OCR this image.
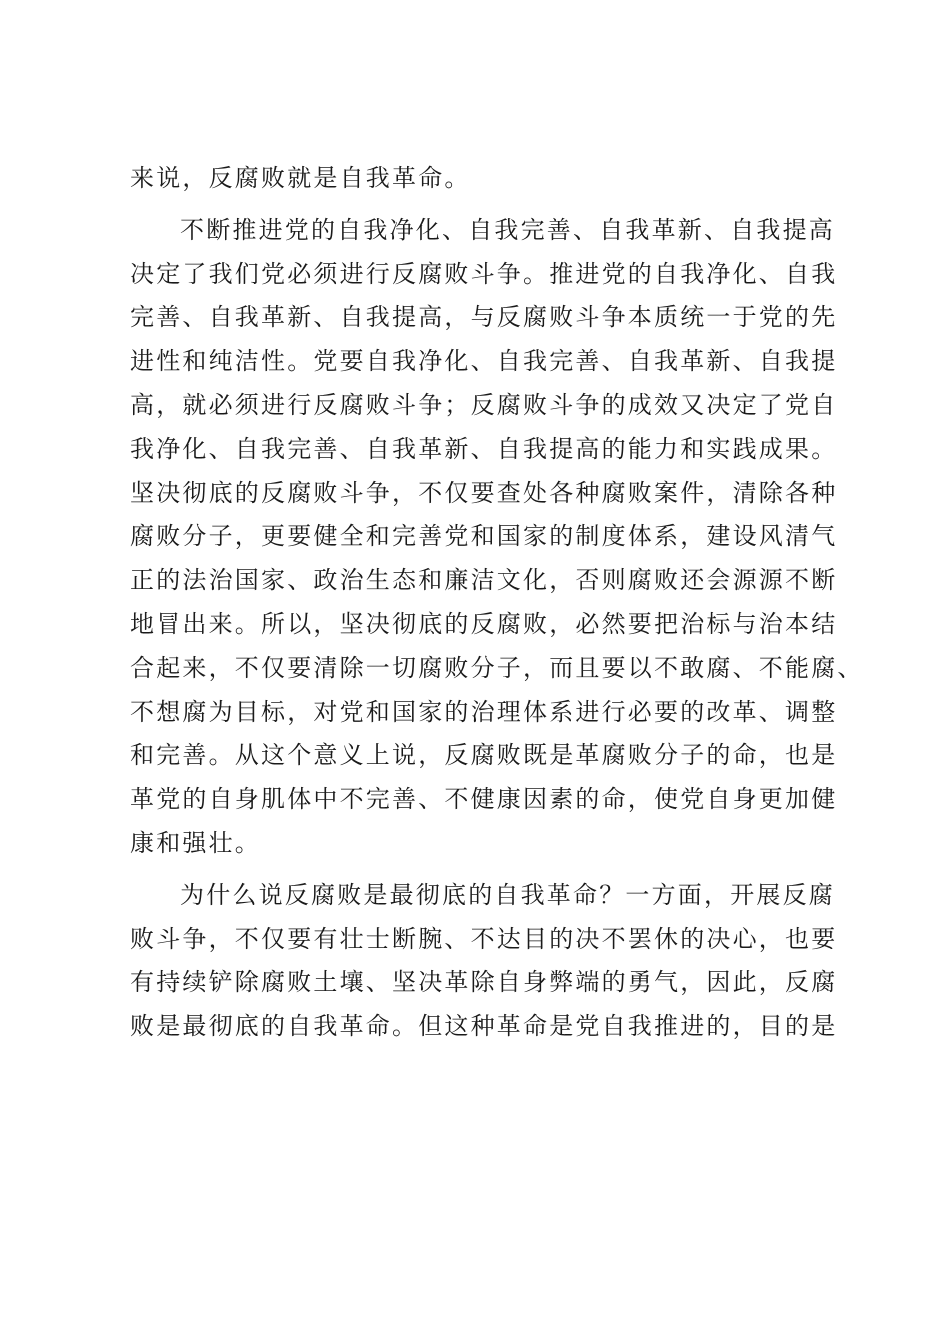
来说，反腐败就是自我革命。
不断推进党的自我净化、自我完善、自我革新、自我提高
决定了我们党必须进行反腐败斗争。推进党的自我净化、自我
完善、自我革新、自我提高，与反腐败斗争本质统一于党的先
进性和纯洁性。党要自我净化、自我完善、自我革新、自我提
高，就必须进行反腐败斗争；反腐败斗争的成效又决定了党自
我净化、自我完善、自我革新、自我提高的能力和实践成果。
坚决彻底的反腐败斗争，不仅要查处各种腐败案件，清除各种
腐败分子，更要健全和完善党和国家的制度体系，建设风清气
正的法治国家、政治生态和廉洁文化，否则腐败还会源源不断
地冒出来。所以，坚决彻底的反腐败，必然要把治标与治本结
合起来，不仅要清除一切腐败分子，而且要以不敢腐、不能腐、
不想腐为目标，对党和国家的治理体系进行必要的改革、调整
和完善。从这个意义上说，反腐败既是革腐败分子的命，也是
革党的自身肌体中不完善、不健康因素的命，使党自身更加健
康和强壮。
为什么说反腐败是最彻底的自我革命？一方面，开展反腐
败斗争，不仅要有壮士断腕、不达目的决不罢休的决心，也要
有持续铲除腐败土壤、坚决革除自身弊端的勇气，因此，反腐
败是最彻底的自我革命。但这种革命是党自我推进的，目的是
